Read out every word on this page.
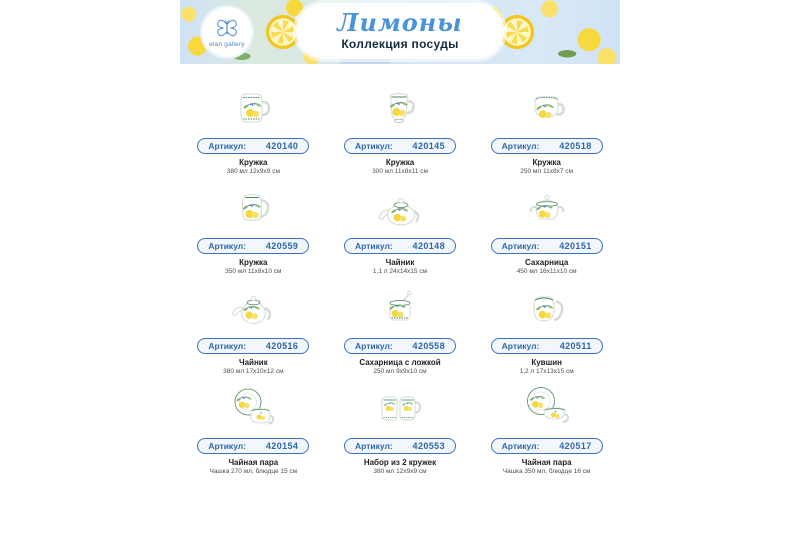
elan gallery
Лимоны
Коллекция посуды
Артикул: 420140
Кружка
380 мл 12х9х9 см
Артикул: 420145
Кружка
300 мл 11х8х11 см
Артикул: 420518
Кружка
250 мл 11х8х7 см
Артикул: 420559
Кружка
350 мл 11х8х10 см
Артикул: 420148
Чайник
1,1 л 24х14х15 см
Артикул: 420151
Сахарница
450 мл 16х11х10 см
Артикул: 420516
Чайник
380 мл 17х10х12 см
Артикул: 420558
Сахарница с ложкой
250 мл 9х9х10 см
Артикул: 420511
Кувшин
1,2 л 17х13х15 см
Артикул: 420154
Чайная пара
Чашка 270 мл, блюдце 15 см
Артикул: 420553
Набор из 2 кружек
380 мл 12х9х9 см
Артикул: 420517
Чайная пара
Чашка 350 мл, блюдце 16 см
